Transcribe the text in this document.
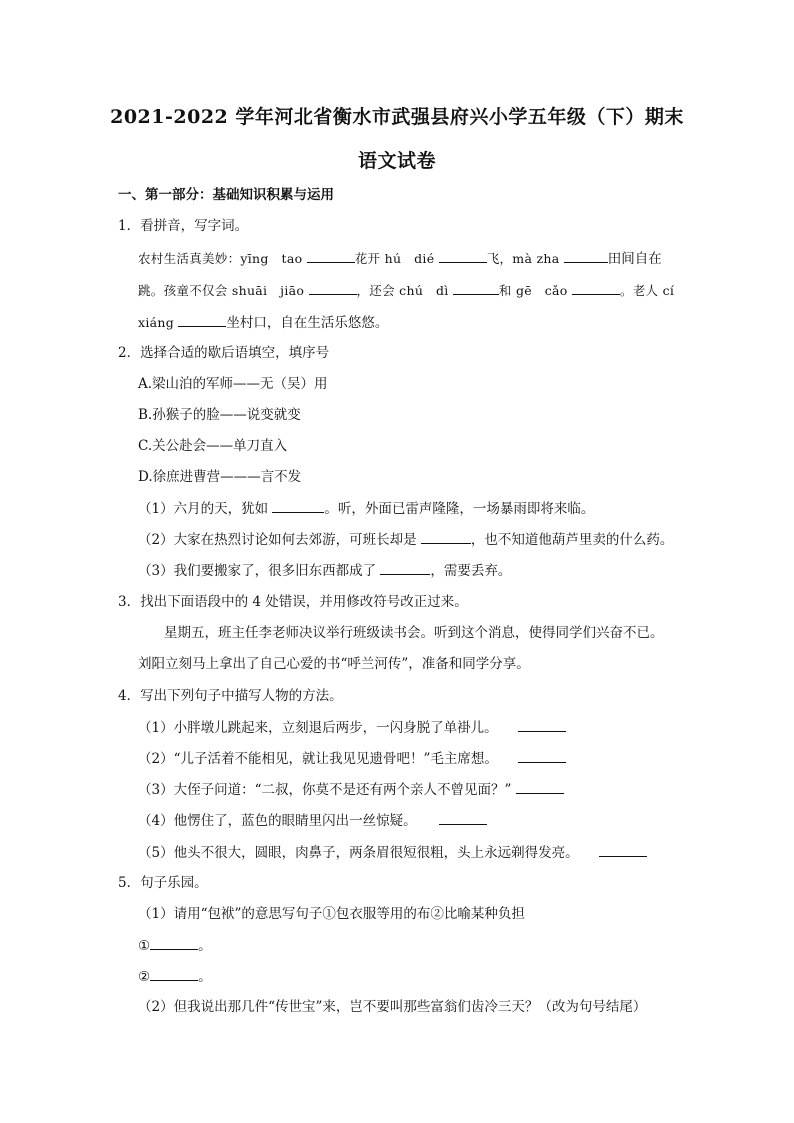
2021-2022 学年河北省衡水市武强县府兴小学五年级（下）期末
语文试卷
一、第一部分：基础知识积累与运用
1．看拼音，写字词。
农村生活真美妙：yīng　tao	花开 hú　dié	飞，mà zha	田间自在
跳。孩童不仅会 shuāi　jiāo	，还会 chú　dì	和 gē　cǎo	。老人 cí
xiáng	坐村口，自在生活乐悠悠。
2．选择合适的歇后语填空，填序号
A.梁山泊的军师——无（吴）用
B.孙猴子的脸——说变就变
C.关公赴会——单刀直入
D.徐庶进曹营———言不发
（1）六月的天，犹如	。听，外面已雷声隆隆，一场暴雨即将来临。
（2）大家在热烈讨论如何去郊游，可班长却是	，也不知道他葫芦里卖的什么药。
（3）我们要搬家了，很多旧东西都成了	，需要丢弃。
3．找出下面语段中的 4 处错误，并用修改符号改正过来。
星期五，班主任李老师决议举行班级读书会。听到这个消息，使得同学们兴奋不已。
刘阳立刻马上拿出了自己心爱的书“呼兰河传”，准备和同学分享。
4．写出下列句子中描写人物的方法。
（1）小胖墩儿跳起来，立刻退后两步，一闪身脱了单褂儿。
（2）“儿子活着不能相见，就让我见见遗骨吧！”毛主席想。
（3）大侄子问道：“二叔，你莫不是还有两个亲人不曾见面？”
（4）他愣住了，蓝色的眼睛里闪出一丝惊疑。
（5）他头不很大，圆眼，肉鼻子，两条眉很短很粗，头上永远剃得发亮。
5．句子乐园。
（1）请用“包袱”的意思写句子①包衣服等用的布②比喻某种负担
①	。
②	。
（2）但我说出那几件“传世宝”来，岂不要叫那些富翁们齿冷三天？（改为句号结尾）
